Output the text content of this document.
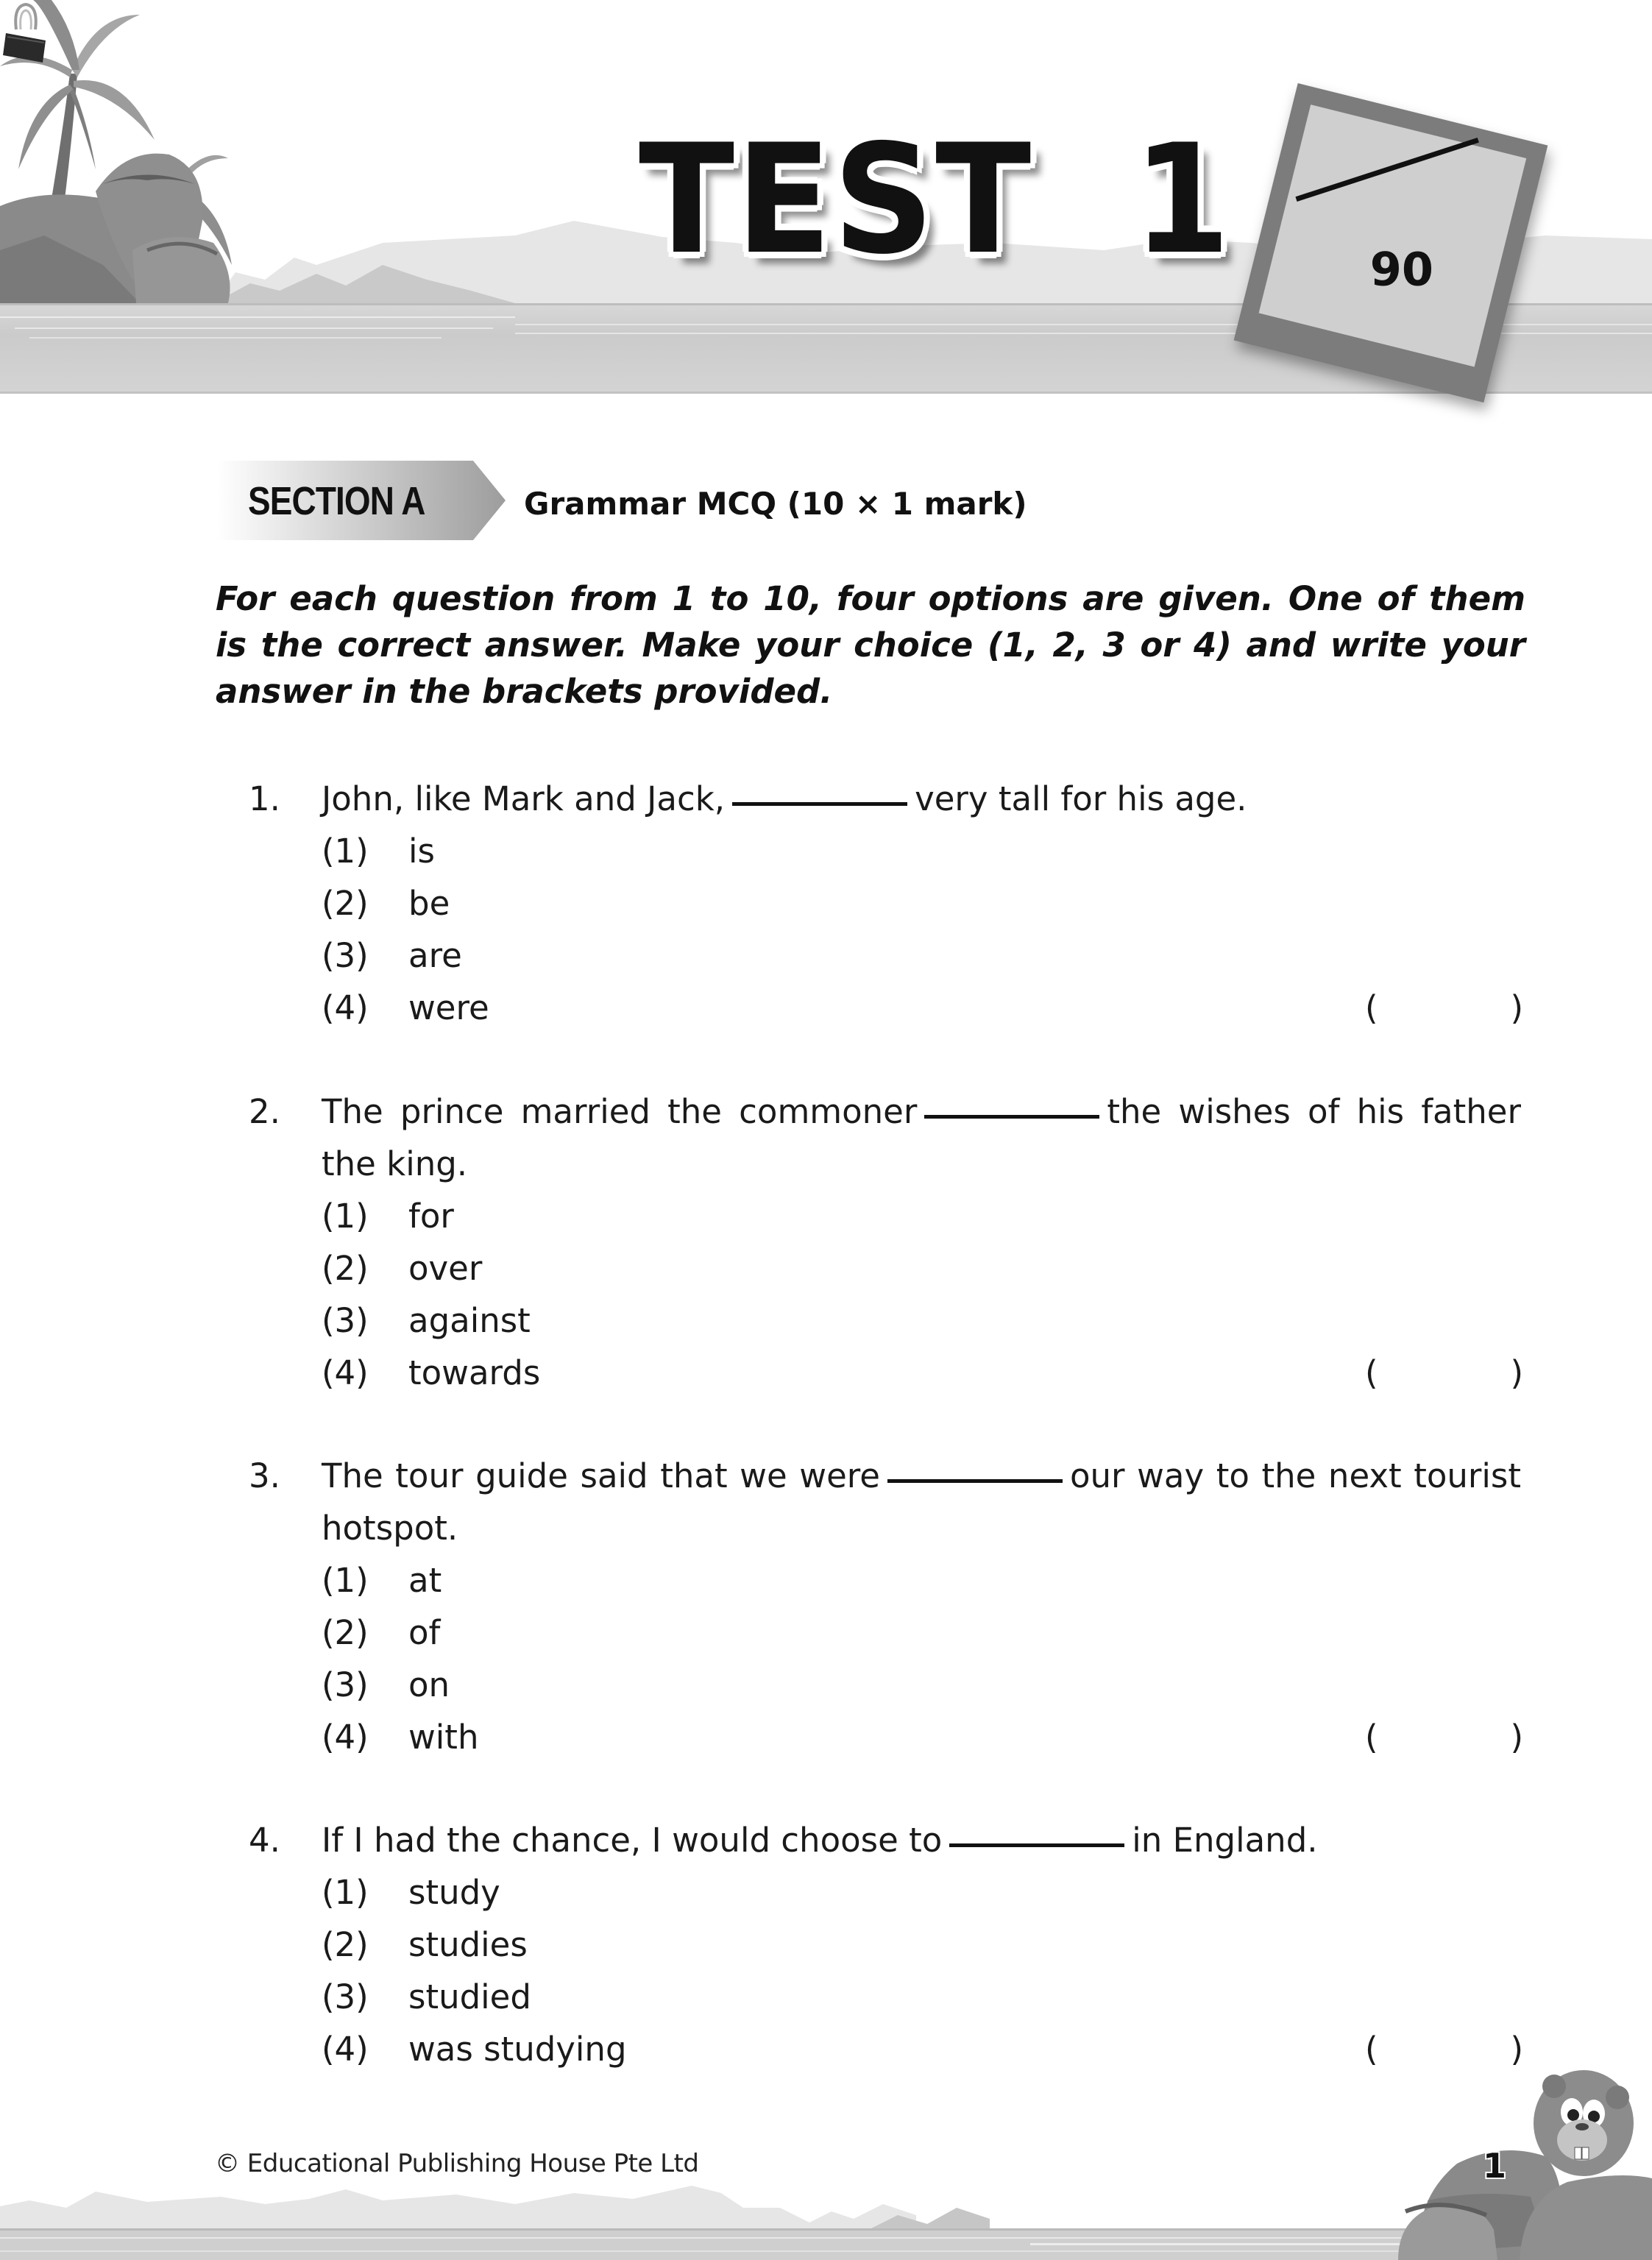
TEST  1	90
SECTION A	Grammar MCQ (10 × 1 mark)
For each question from 1 to 10, four options are given. One of them is the correct answer. Make your choice (1, 2, 3 or 4) and write your answer in the brackets provided.
1. John, like Mark and Jack,	very tall for his age.
(1) is
(2) be
(3) are
(4) were	(	)
2. The prince married the commoner	the wishes of his father the king.
(1) for
(2) over
(3) against
(4) towards	(	)
3. The tour guide said that we were	our way to the next tourist hotspot.
(1) at
(2) of
(3) on
(4) with	(	)
4. If I had the chance, I would choose to	in England.
(1) study
(2) studies
(3) studied
(4) was studying	(	)
© Educational Publishing House Pte Ltd	1
